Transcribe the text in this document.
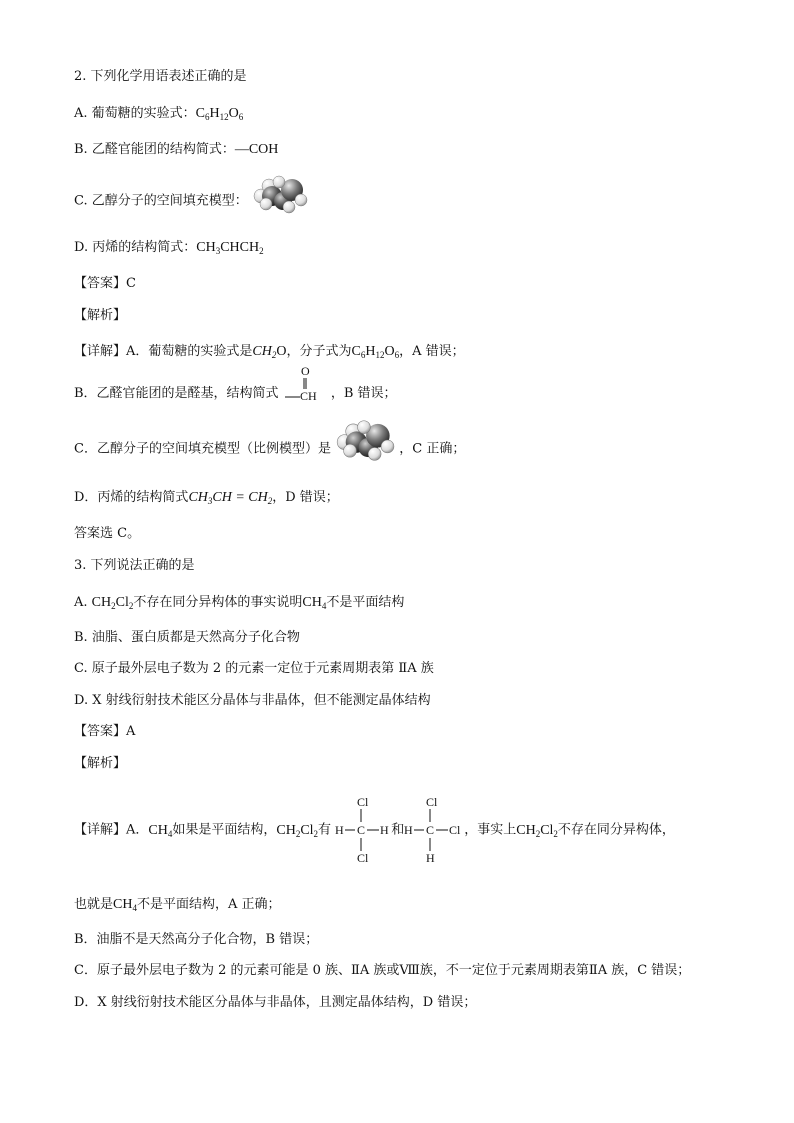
2. 下列化学用语表述正确的是
A. 葡萄糖的实验式：$C_6H_{12}O_6$
B. 乙醛官能团的结构简式：—COH
C. 乙醇分子的空间填充模型：
D. 丙烯的结构简式：$CH_3CHCH_2$
【答案】C
【解析】
【详解】A．葡萄糖的实验式是$CH_2O$，分子式为$C_6H_{12}O_6$，A 错误；
B．乙醛官能团的是醛基，结构简式
O
CH ，B 错误；
C．乙醇分子的空间填充模型（比例模型）是	，C 正确；
D．丙烯的结构简式$CH_3CH = CH_2$，D 错误；
答案选 C。
3. 下列说法正确的是
A. $CH_2Cl_2$不存在同分异构体的事实说明$CH_4$不是平面结构
B. 油脂、蛋白质都是天然高分子化合物
C. 原子最外层电子数为 2 的元素一定位于元素周期表第 ⅡA 族
D. X 射线衍射技术能区分晶体与非晶体，但不能测定晶体结构
【答案】A
【解析】
【详解】A．$CH_4$如果是平面结构，$CH_2Cl_2$有
Cl
H C H
Cl
和
Cl
H C Cl
H
，事实上$CH_2Cl_2$不存在同分异构体，
也就是$CH_4$不是平面结构，A 正确；
B．油脂不是天然高分子化合物，B 错误；
C．原子最外层电子数为 2 的元素可能是 0 族、ⅡA 族或Ⅷ族，不一定位于元素周期表第ⅡA 族，C 错误；
D．X 射线衍射技术能区分晶体与非晶体，且测定晶体结构，D 错误；
